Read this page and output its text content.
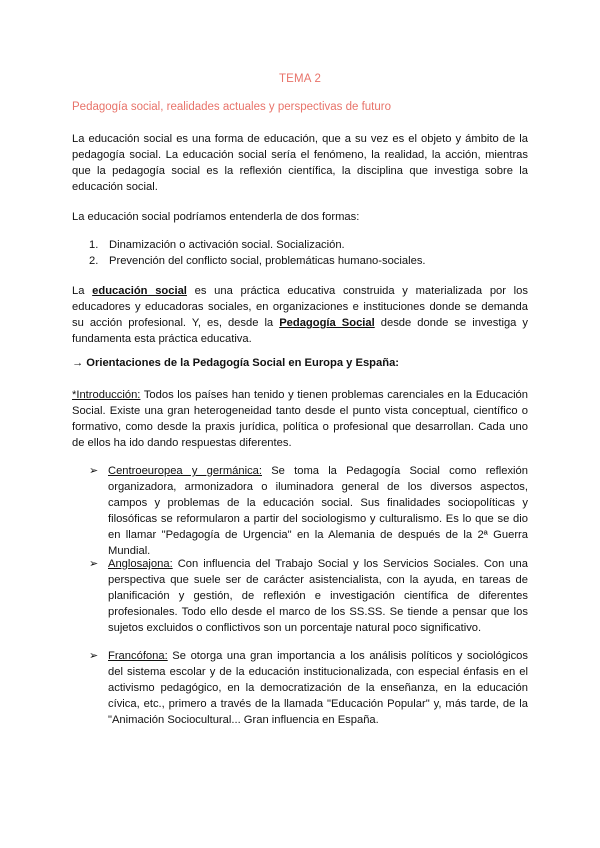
TEMA 2
Pedagogía social, realidades actuales y perspectivas de futuro

La educación social es una forma de educación, que a su vez es el objeto y ámbito de la pedagogía social. La educación social sería el fenómeno, la realidad, la acción, mientras que la pedagogía social es la reflexión científica, la disciplina que investiga sobre la educación social.

La educación social podríamos entenderla de dos formas:

1. Dinamización o activación social. Socialización.
2. Prevención del conflicto social, problemáticas humano-sociales.

La educación social es una práctica educativa construida y materializada por los educadores y educadoras sociales, en organizaciones e instituciones donde se demanda su acción profesional. Y, es, desde la Pedagogía Social desde donde se investiga y fundamenta esta práctica educativa.

→ Orientaciones de la Pedagogía Social en Europa y España:

*Introducción: Todos los países han tenido y tienen problemas carenciales en la Educación Social. Existe una gran heterogeneidad tanto desde el punto vista conceptual, científico o formativo, como desde la praxis jurídica, política o profesional que desarrollan. Cada uno de ellos ha ido dando respuestas diferentes.

➢ Centroeuropea y germánica: Se toma la Pedagogía Social como reflexión organizadora, armonizadora o iluminadora general de los diversos aspectos, campos y problemas de la educación social. Sus finalidades sociopolíticas y filosóficas se reformularon a partir del sociologismo y culturalismo. Es lo que se dio en llamar "Pedagogía de Urgencia" en la Alemania de después de la 2ª Guerra Mundial.

➢ Anglosajona: Con influencia del Trabajo Social y los Servicios Sociales. Con una perspectiva que suele ser de carácter asistencialista, con la ayuda, en tareas de planificación y gestión, de reflexión e investigación científica de diferentes profesionales. Todo ello desde el marco de los SS.SS. Se tiende a pensar que los sujetos excluidos o conflictivos son un porcentaje natural poco significativo.

➢ Francófona: Se otorga una gran importancia a los análisis políticos y sociológicos del sistema escolar y de la educación institucionalizada, con especial énfasis en el activismo pedagógico, en la democratización de la enseñanza, en la educación cívica, etc., primero a través de la llamada "Educación Popular" y, más tarde, de la "Animación Sociocultural... Gran influencia en España.
